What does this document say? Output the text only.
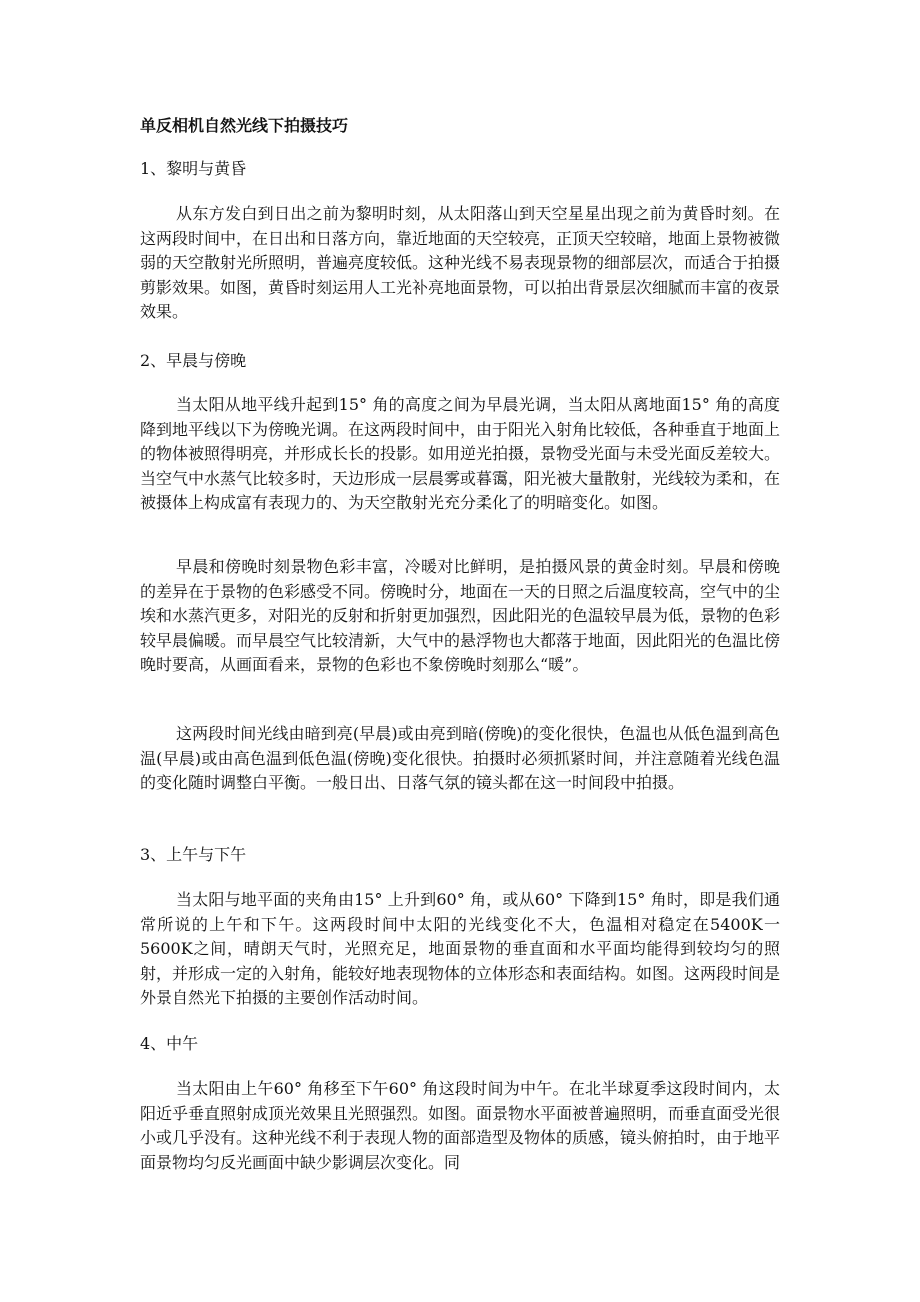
单反相机自然光线下拍摄技巧
1、黎明与黄昏
从东方发白到日出之前为黎明时刻，从太阳落山到天空星星出现之前为黄昏时刻。在这两段时间中，在日出和日落方向，靠近地面的天空较亮，正顶天空较暗，地面上景物被微弱的天空散射光所照明，普遍亮度较低。这种光线不易表现景物的细部层次，而适合于拍摄剪影效果。如图，黄昏时刻运用人工光补亮地面景物，可以拍出背景层次细腻而丰富的夜景效果。
2、早晨与傍晚
当太阳从地平线升起到15° 角的高度之间为早晨光调，当太阳从离地面15° 角的高度降到地平线以下为傍晚光调。在这两段时间中，由于阳光入射角比较低，各种垂直于地面上的物体被照得明亮，并形成长长的投影。如用逆光拍摄，景物受光面与未受光面反差较大。当空气中水蒸气比较多时，天边形成一层晨雾或暮霭，阳光被大量散射，光线较为柔和，在被摄体上构成富有表现力的、为天空散射光充分柔化了的明暗变化。如图。
早晨和傍晚时刻景物色彩丰富，冷暖对比鲜明，是拍摄风景的黄金时刻。早晨和傍晚的差异在于景物的色彩感受不同。傍晚时分，地面在一天的日照之后温度较高，空气中的尘埃和水蒸汽更多，对阳光的反射和折射更加强烈，因此阳光的色温较早晨为低，景物的色彩较早晨偏暖。而早晨空气比较清新，大气中的悬浮物也大都落于地面，因此阳光的色温比傍晚时要高，从画面看来，景物的色彩也不象傍晚时刻那么“暖”。
这两段时间光线由暗到亮(早晨)或由亮到暗(傍晚)的变化很快，色温也从低色温到高色温(早晨)或由高色温到低色温(傍晚)变化很快。拍摄时必须抓紧时间，并注意随着光线色温的变化随时调整白平衡。一般日出、日落气氛的镜头都在这一时间段中拍摄。
3、上午与下午
当太阳与地平面的夹角由15° 上升到60° 角，或从60° 下降到15° 角时，即是我们通常所说的上午和下午。这两段时间中太阳的光线变化不大，色温相对稳定在5400K一5600K之间，晴朗天气时，光照充足，地面景物的垂直面和水平面均能得到较均匀的照射，并形成一定的入射角，能较好地表现物体的立体形态和表面结构。如图。这两段时间是外景自然光下拍摄的主要创作活动时间。
4、中午
当太阳由上午60° 角移至下午60° 角这段时间为中午。在北半球夏季这段时间内，太阳近乎垂直照射成顶光效果且光照强烈。如图。面景物水平面被普遍照明，而垂直面受光很小或几乎没有。这种光线不利于表现人物的面部造型及物体的质感，镜头俯拍时，由于地平面景物均匀反光画面中缺少影调层次变化。同
